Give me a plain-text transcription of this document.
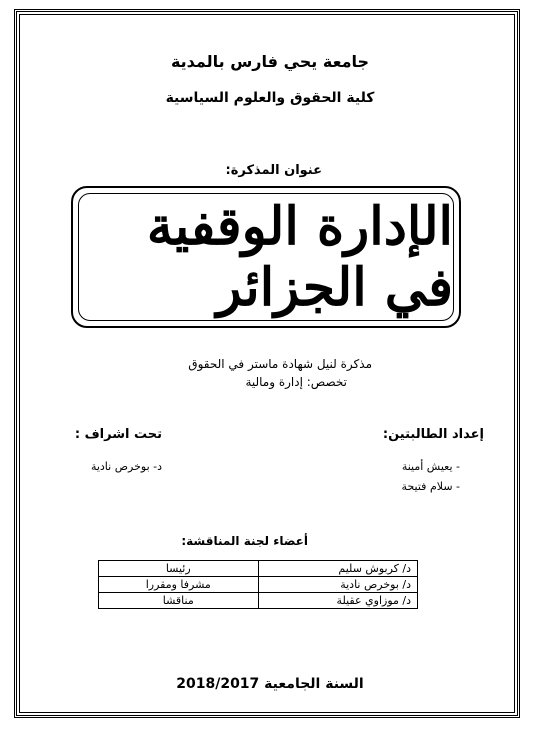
جامعة يحي فارس بالمدية
كلية الحقوق والعلوم السياسية
عنوان المذكرة:
الإدارة الوقفية في الجزائر
مذكرة لنيل شهادة ماستر في الحقوق
تخصص: إدارة ومالية
إعداد الطالبتين:
تحت اشراف :
- يعيش أمينة
- سلام فتيحة
د- بوخرص نادية
أعضاء لجنة المناقشة:
د/ كربوش سليم	رئيسا
د/ بوخرص نادية	مشرفا ومقررا
د/ موزاوي عقيلة	مناقشا
السنة الجامعية 2018/2017
